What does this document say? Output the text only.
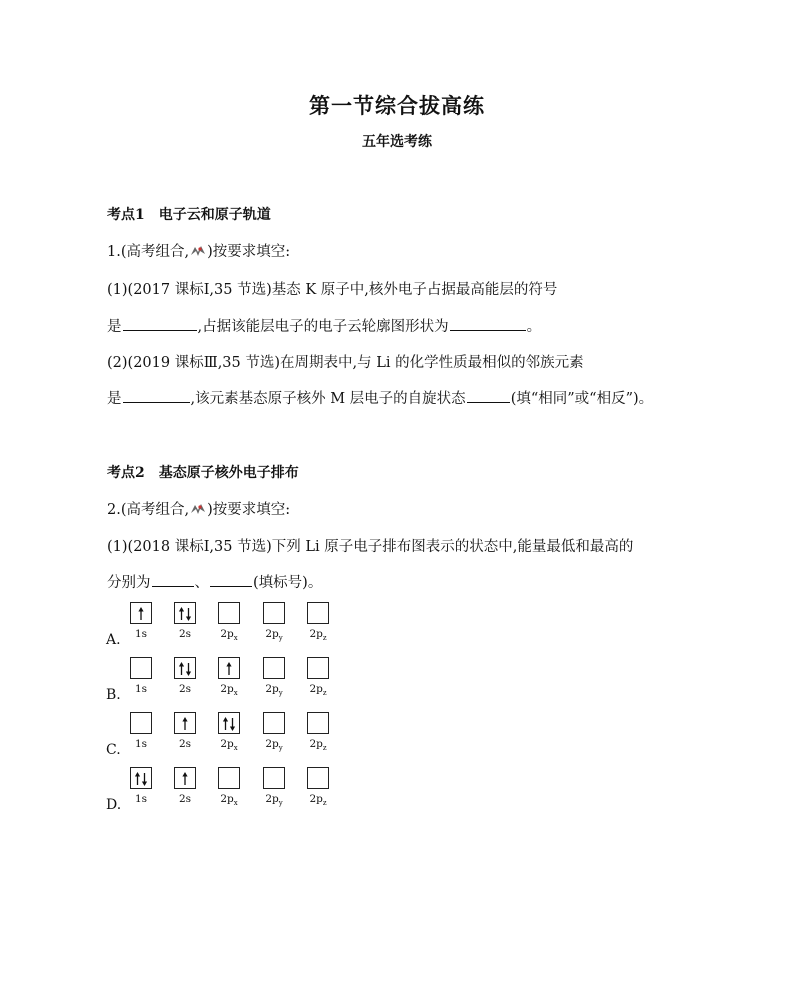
第一节综合拔高练
五年选考练
考点1 电子云和原子轨道
1.(高考组合, )按要求填空:
(1)(2017 课标Ⅰ,35 节选)基态 K 原子中,核外电子占据最高能层的符号
是	,占据该能层电子的电子云轮廓图形状为	。
(2)(2019 课标Ⅲ,35 节选)在周期表中,与 Li 的化学性质最相似的邻族元素
是	,该元素基态原子核外 M 层电子的自旋状态	(填“相同”或“相反”)。
考点2 基态原子核外电子排布
2.(高考组合, )按要求填空:
(1)(2018 课标Ⅰ,35 节选)下列 Li 原子电子排布图表示的状态中,能量最低和最高的
分别为	、	(填标号)。
A.	1s	2s	$2p_x$	$2p_y$	$2p_z$
B.	1s	2s	$2p_x$	$2p_y$	$2p_z$
C.	1s	2s	$2p_x$	$2p_y$	$2p_z$
D.	1s	2s	$2p_x$	$2p_y$	$2p_z$
